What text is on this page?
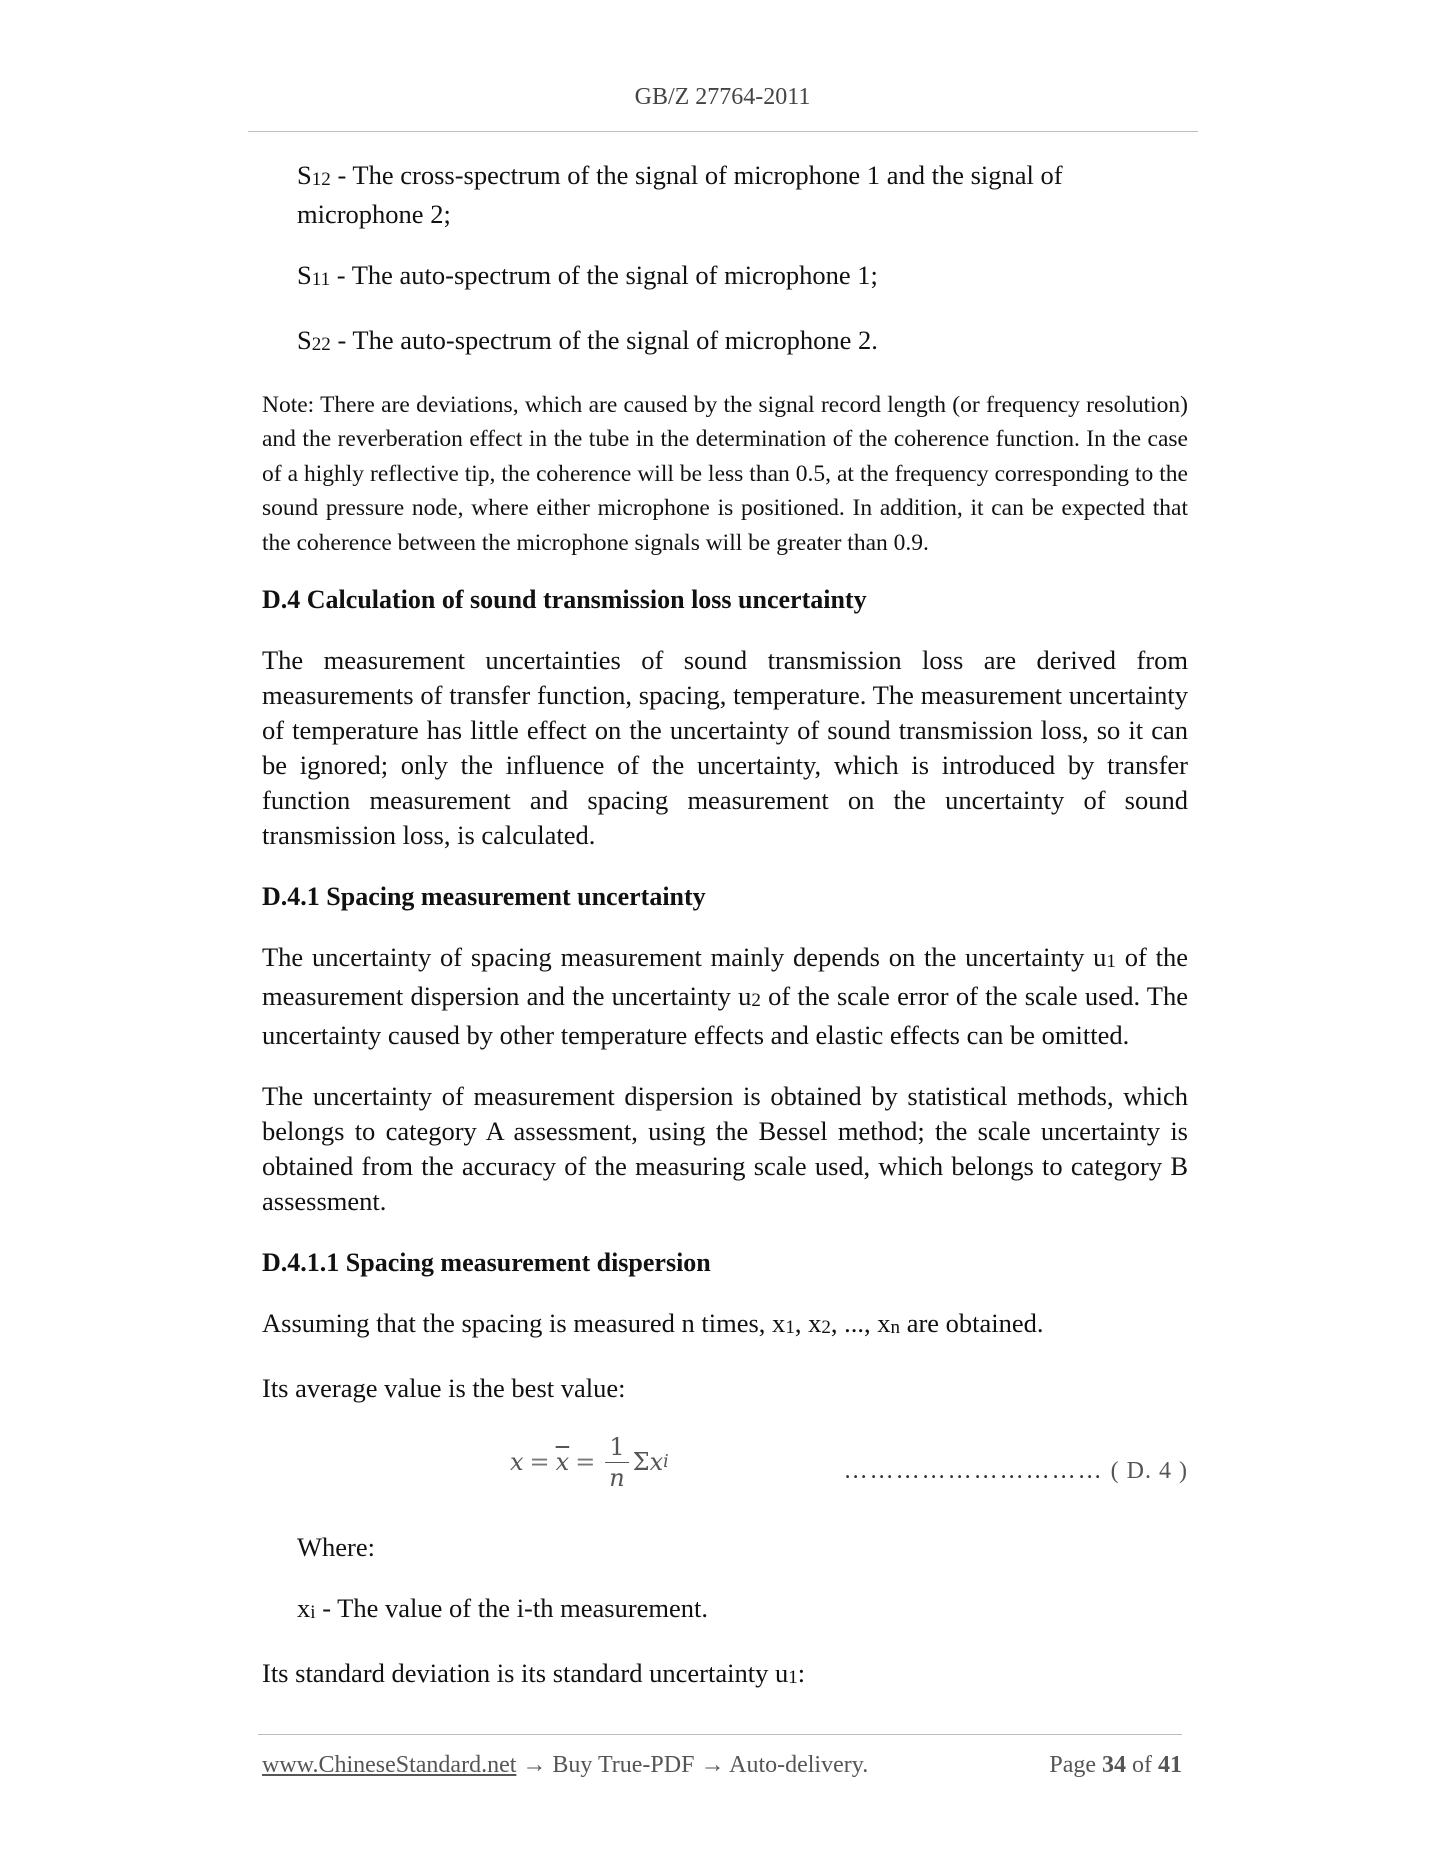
GB/Z 27764-2011

S12 - The cross-spectrum of the signal of microphone 1 and the signal of microphone 2;

S11 - The auto-spectrum of the signal of microphone 1;

S22 - The auto-spectrum of the signal of microphone 2.

Note: There are deviations, which are caused by the signal record length (or frequency resolution) and the reverberation effect in the tube in the determination of the coherence function. In the case of a highly reflective tip, the coherence will be less than 0.5, at the frequency corresponding to the sound pressure node, where either microphone is positioned. In addition, it can be expected that the coherence between the microphone signals will be greater than 0.9.

D.4 Calculation of sound transmission loss uncertainty

The measurement uncertainties of sound transmission loss are derived from measurements of transfer function, spacing, temperature. The measurement uncertainty of temperature has little effect on the uncertainty of sound transmission loss, so it can be ignored; only the influence of the uncertainty, which is introduced by transfer function measurement and spacing measurement on the uncertainty of sound transmission loss, is calculated.

D.4.1 Spacing measurement uncertainty

The uncertainty of spacing measurement mainly depends on the uncertainty u1 of the measurement dispersion and the uncertainty u2 of the scale error of the scale used. The uncertainty caused by other temperature effects and elastic effects can be omitted.

The uncertainty of measurement dispersion is obtained by statistical methods, which belongs to category A assessment, using the Bessel method; the scale uncertainty is obtained from the accuracy of the measuring scale used, which belongs to category B assessment.

D.4.1.1 Spacing measurement dispersion

Assuming that the spacing is measured n times, x1, x2, ..., xn are obtained.

Its average value is the best value:

$x = \overline{x} = \frac{1}{n}$ Σ x i	………………………… ( D. 4 )

Where:

xi - The value of the i-th measurement.

Its standard deviation is its standard uncertainty u1:

www.ChineseStandard.net → Buy True-PDF → Auto-delivery.	Page 34 of 41
